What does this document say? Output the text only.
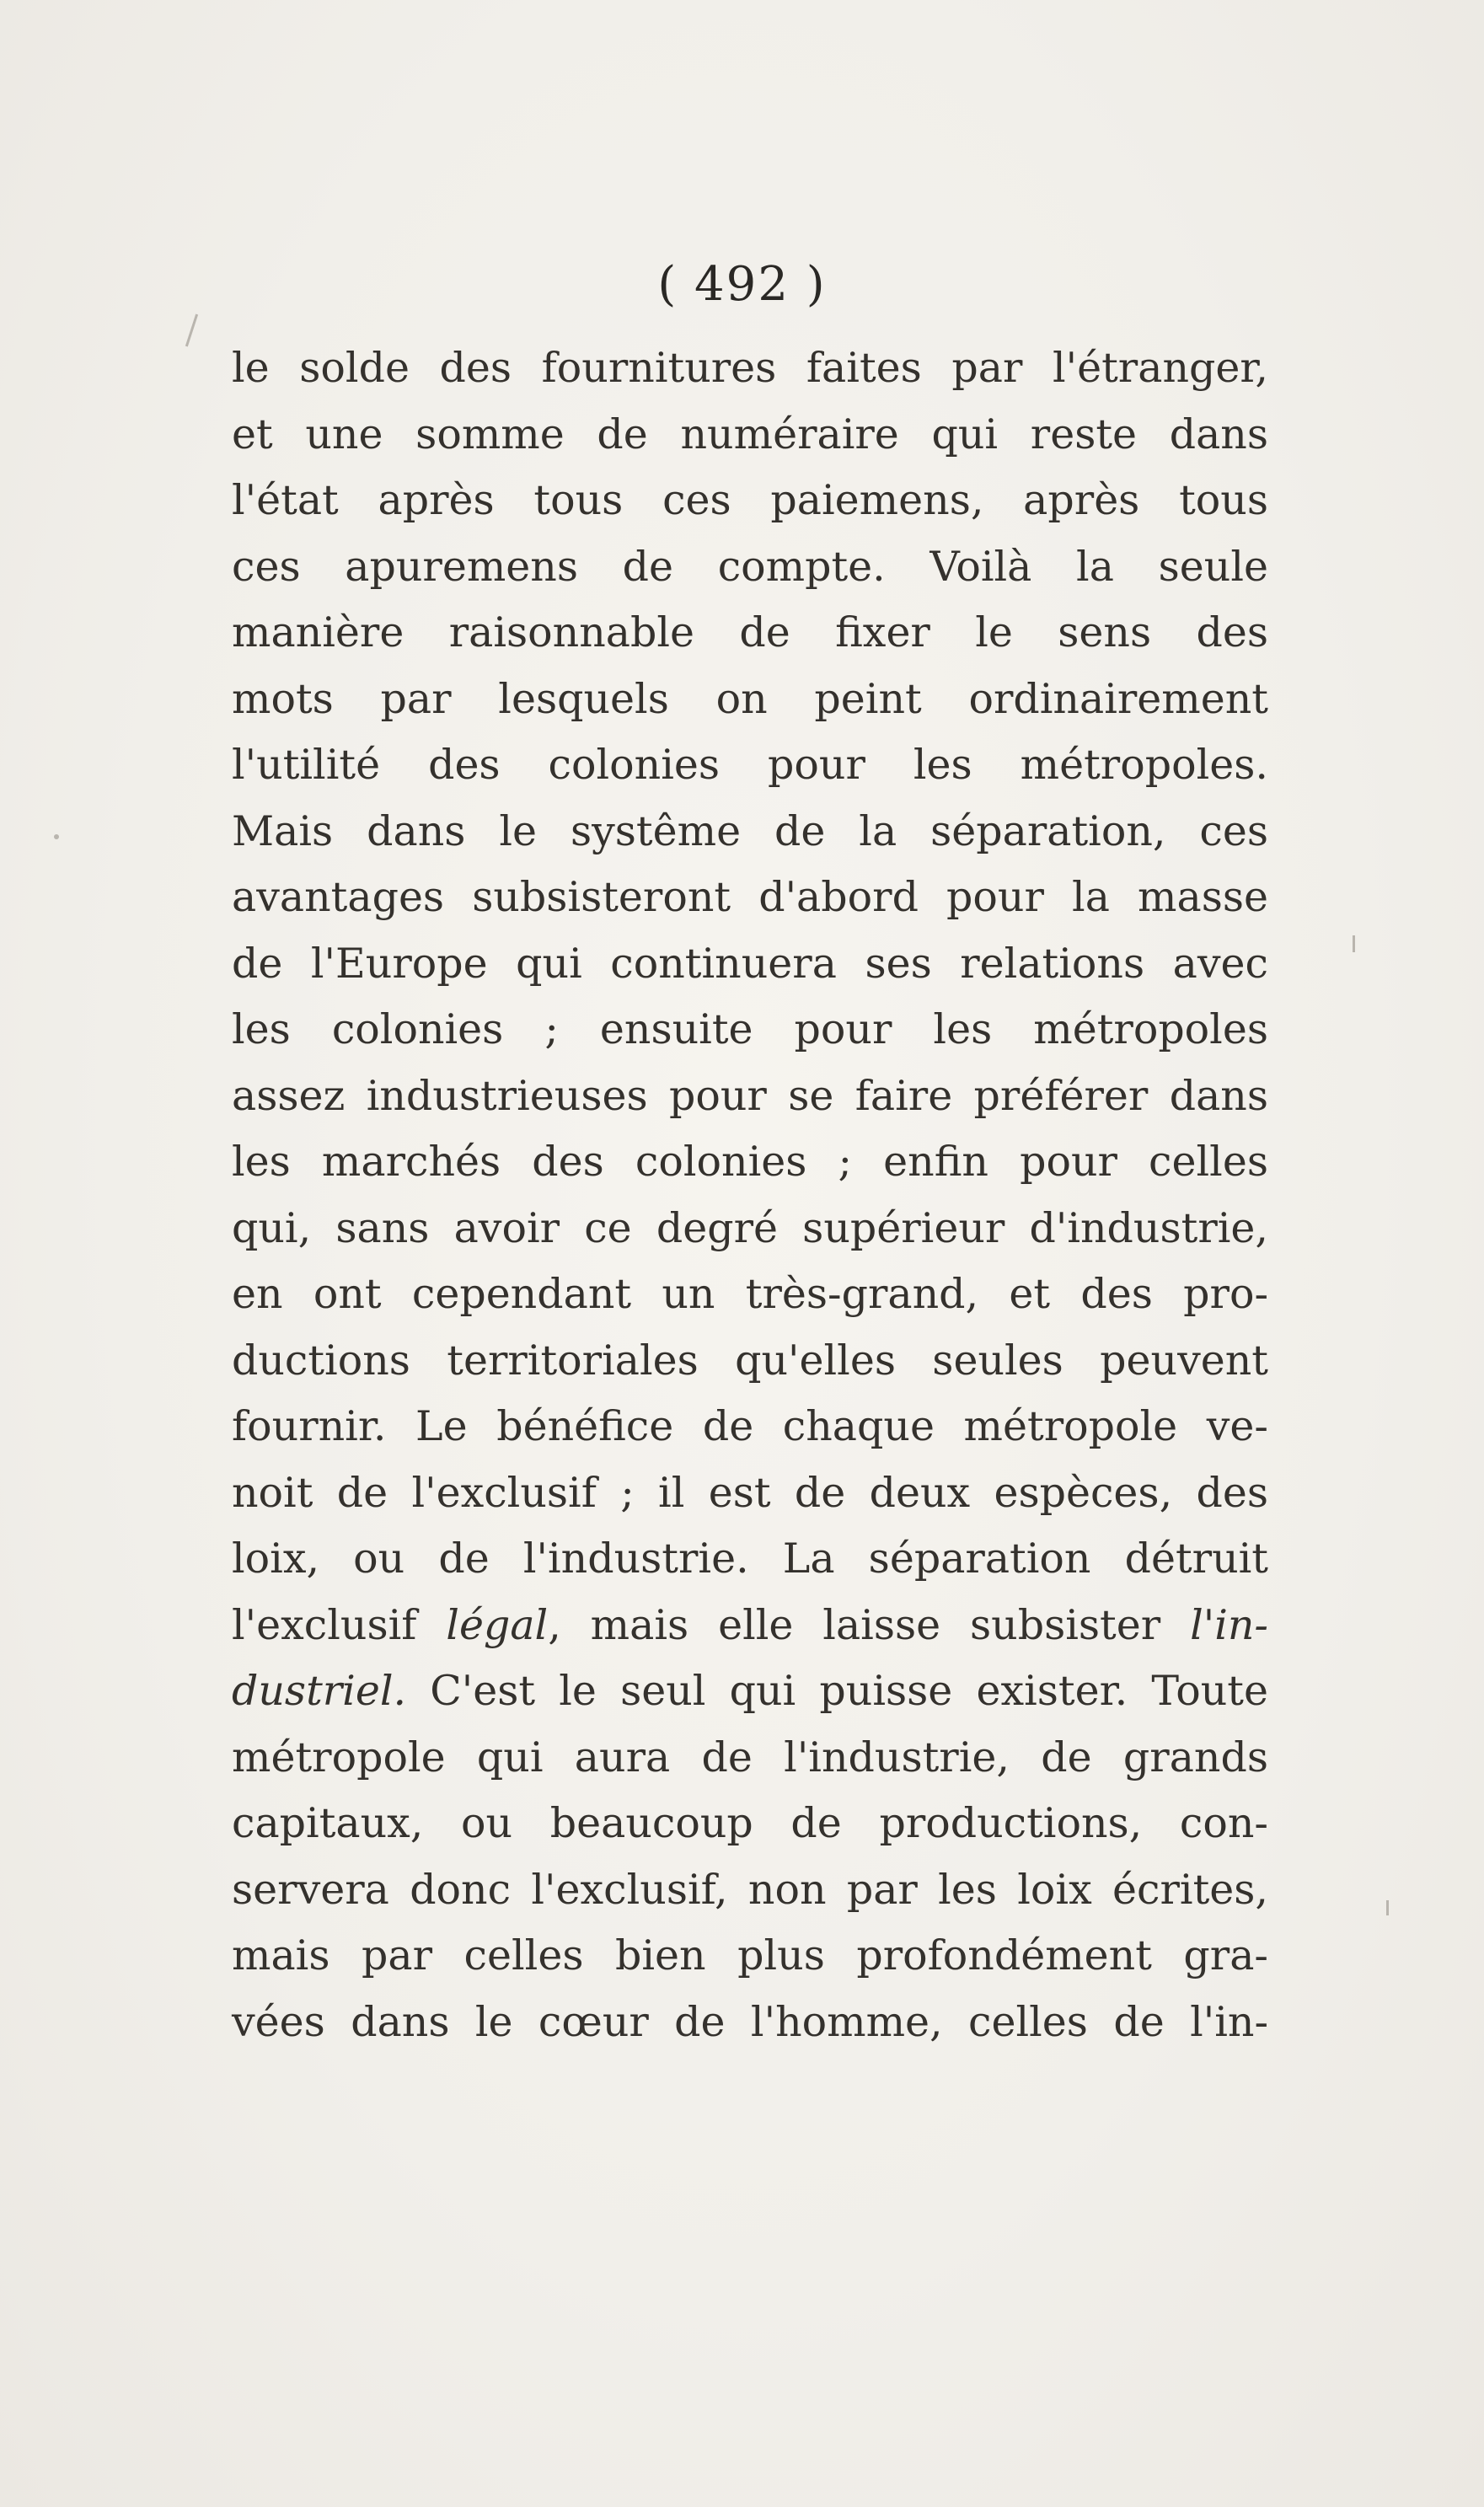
( 492 )
le solde des fournitures faites par l'étranger,
et une somme de numéraire qui reste dans
l'état après tous ces paiemens, après tous
ces apuremens de compte. Voilà la seule
manière raisonnable de fixer le sens des
mots par lesquels on peint ordinairement
l'utilité des colonies pour les métropoles.
Mais dans le systême de la séparation, ces
avantages subsisteront d'abord pour la masse
de l'Europe qui continuera ses relations avec
les colonies ; ensuite pour les métropoles
assez industrieuses pour se faire préférer dans
les marchés des colonies ; enfin pour celles
qui, sans avoir ce degré supérieur d'industrie,
en ont cependant un très-grand, et des pro-
ductions territoriales qu'elles seules peuvent
fournir. Le bénéfice de chaque métropole ve-
noit de l'exclusif ; il est de deux espèces, des
loix, ou de l'industrie. La séparation détruit
l'exclusif légal, mais elle laisse subsister l'in-
dustriel. C'est le seul qui puisse exister. Toute
métropole qui aura de l'industrie, de grands
capitaux, ou beaucoup de productions, con-
servera donc l'exclusif, non par les loix écrites,
mais par celles bien plus profondément gra-
vées dans le cœur de l'homme, celles de l'in-
